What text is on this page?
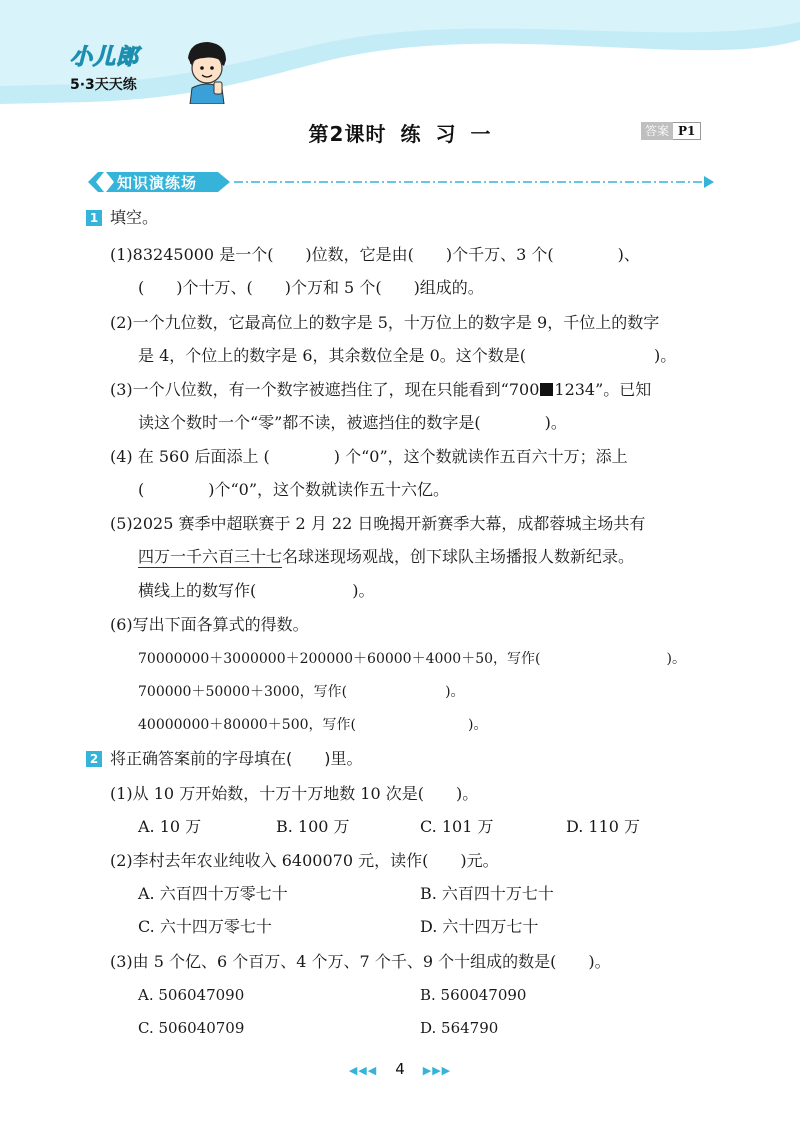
小儿郎
5·3天天练
第2课时 练 习 一	答案 P1
知识演练场
1 填空。
(1)83245000 是一个(　　)位数，它是由(　　)个千万、3 个(　　　　)、
(　　)个十万、(　　)个万和 5 个(　　)组成的。
(2)一个九位数，它最高位上的数字是 5，十万位上的数字是 9，千位上的数字
是 4，个位上的数字是 6，其余数位全是 0。这个数是(　　　　　　　　)。
(3)一个八位数，有一个数字被遮挡住了，现在只能看到“700 1234”。已知
读这个数时一个“零”都不读，被遮挡住的数字是(　　　　)。
(4) 在 560 后面添上 (　　　　) 个“0”，这个数就读作五百六十万；添上
(　　　　)个“0”，这个数就读作五十六亿。
(5)2025 赛季中超联赛于 2 月 22 日晚揭开新赛季大幕，成都蓉城主场共有
四万一千六百三十七名球迷现场观战，创下球队主场播报人数新纪录。
横线上的数写作(　　　　　　)。
(6)写出下面各算式的得数。
70000000＋3000000＋200000＋60000＋4000＋50，写作(　　　　　　　　　)。
700000＋50000＋3000，写作(　　　　　　　)。
40000000＋80000＋500，写作(　　　　　　　　)。
2 将正确答案前的字母填在(　　)里。
(1)从 10 万开始数，十万十万地数 10 次是(　　)。
A. 10 万	B. 100 万	C. 101 万	D. 110 万
(2)李村去年农业纯收入 6400070 元，读作(　　)元。
A. 六百四十万零七十	B. 六百四十万七十
C. 六十四万零七十	D. 六十四万七十
(3)由 5 个亿、6 个百万、4 个万、7 个千、9 个十组成的数是(　　)。
A. 506047090	B. 560047090
C. 506040709	D. 564790
◀◀◀ 4 ▶▶▶
